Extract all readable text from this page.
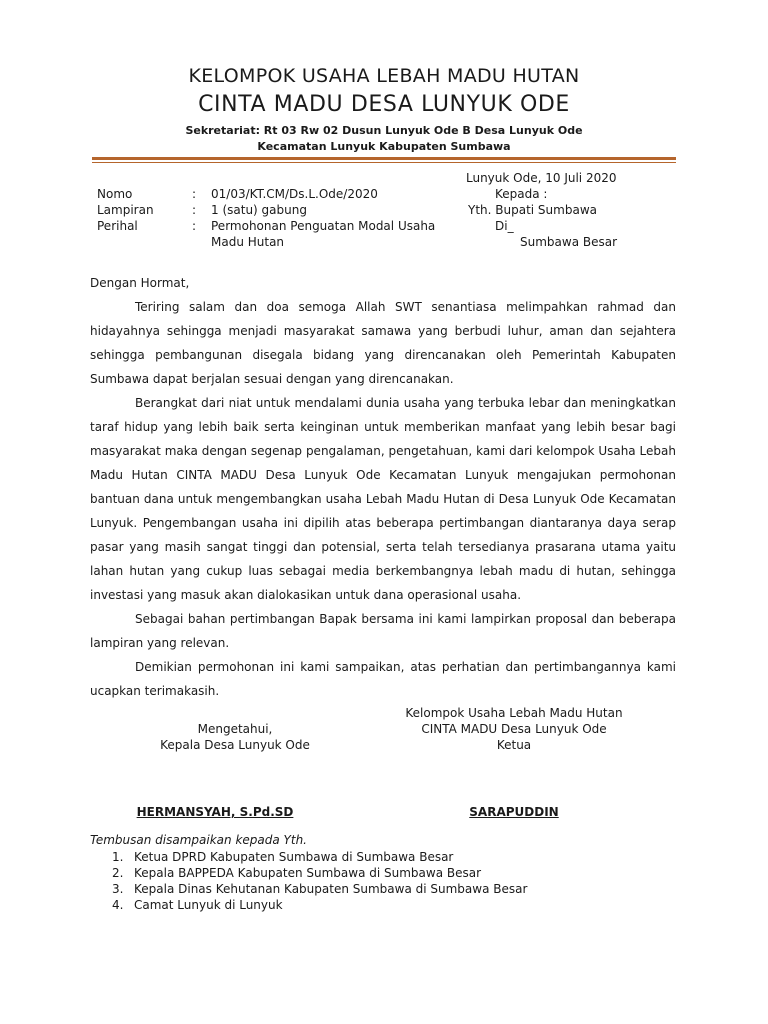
KELOMPOK USAHA LEBAH MADU HUTAN
CINTA MADU DESA LUNYUK ODE
Sekretariat: Rt 03 Rw 02 Dusun Lunyuk Ode B Desa Lunyuk Ode
Kecamatan Lunyuk Kabupaten Sumbawa
Lunyuk Ode, 10 Juli 2020
Kepada :
Yth. Bupati Sumbawa
Di_
Sumbawa Besar
Nomo	: 01/03/KT.CM/Ds.L.Ode/2020
Lampiran	: 1 (satu) gabung
Perihal	: Permohonan Penguatan Modal Usaha Madu Hutan

Dengan Hormat,

Teriring salam dan doa semoga Allah SWT senantiasa melimpahkan rahmad dan hidayahnya sehingga menjadi masyarakat samawa yang berbudi luhur, aman dan sejahtera sehingga pembangunan disegala bidang yang direncanakan oleh Pemerintah Kabupaten Sumbawa dapat berjalan sesuai dengan yang direncanakan.

Berangkat dari niat untuk mendalami dunia usaha yang terbuka lebar dan meningkatkan taraf hidup yang lebih baik serta keinginan untuk memberikan manfaat yang lebih besar bagi masyarakat maka dengan segenap pengalaman, pengetahuan, kami dari kelompok Usaha Lebah Madu Hutan CINTA MADU Desa Lunyuk Ode Kecamatan Lunyuk mengajukan permohonan bantuan dana untuk mengembangkan usaha Lebah Madu Hutan di Desa Lunyuk Ode Kecamatan Lunyuk. Pengembangan usaha ini dipilih atas beberapa pertimbangan diantaranya daya serap pasar yang masih sangat tinggi dan potensial, serta telah tersedianya prasarana utama yaitu lahan hutan yang cukup luas sebagai media berkembangnya lebah madu di hutan, sehingga investasi yang masuk akan dialokasikan untuk dana operasional usaha.

Sebagai bahan pertimbangan Bapak bersama ini kami lampirkan proposal dan beberapa lampiran yang relevan.

Demikian permohonan ini kami sampaikan, atas perhatian dan pertimbangannya kami ucapkan terimakasih.

Mengetahui,
Kepala Desa Lunyuk Ode
HERMANSYAH, S.Pd.SD
Kelompok Usaha Lebah Madu Hutan
CINTA MADU Desa Lunyuk Ode
Ketua
SARAPUDDIN
Tembusan disampaikan kepada Yth.
1. Ketua DPRD Kabupaten Sumbawa di Sumbawa Besar
2. Kepala BAPPEDA Kabupaten Sumbawa di Sumbawa Besar
3. Kepala Dinas Kehutanan Kabupaten Sumbawa di Sumbawa Besar
4. Camat Lunyuk di Lunyuk
